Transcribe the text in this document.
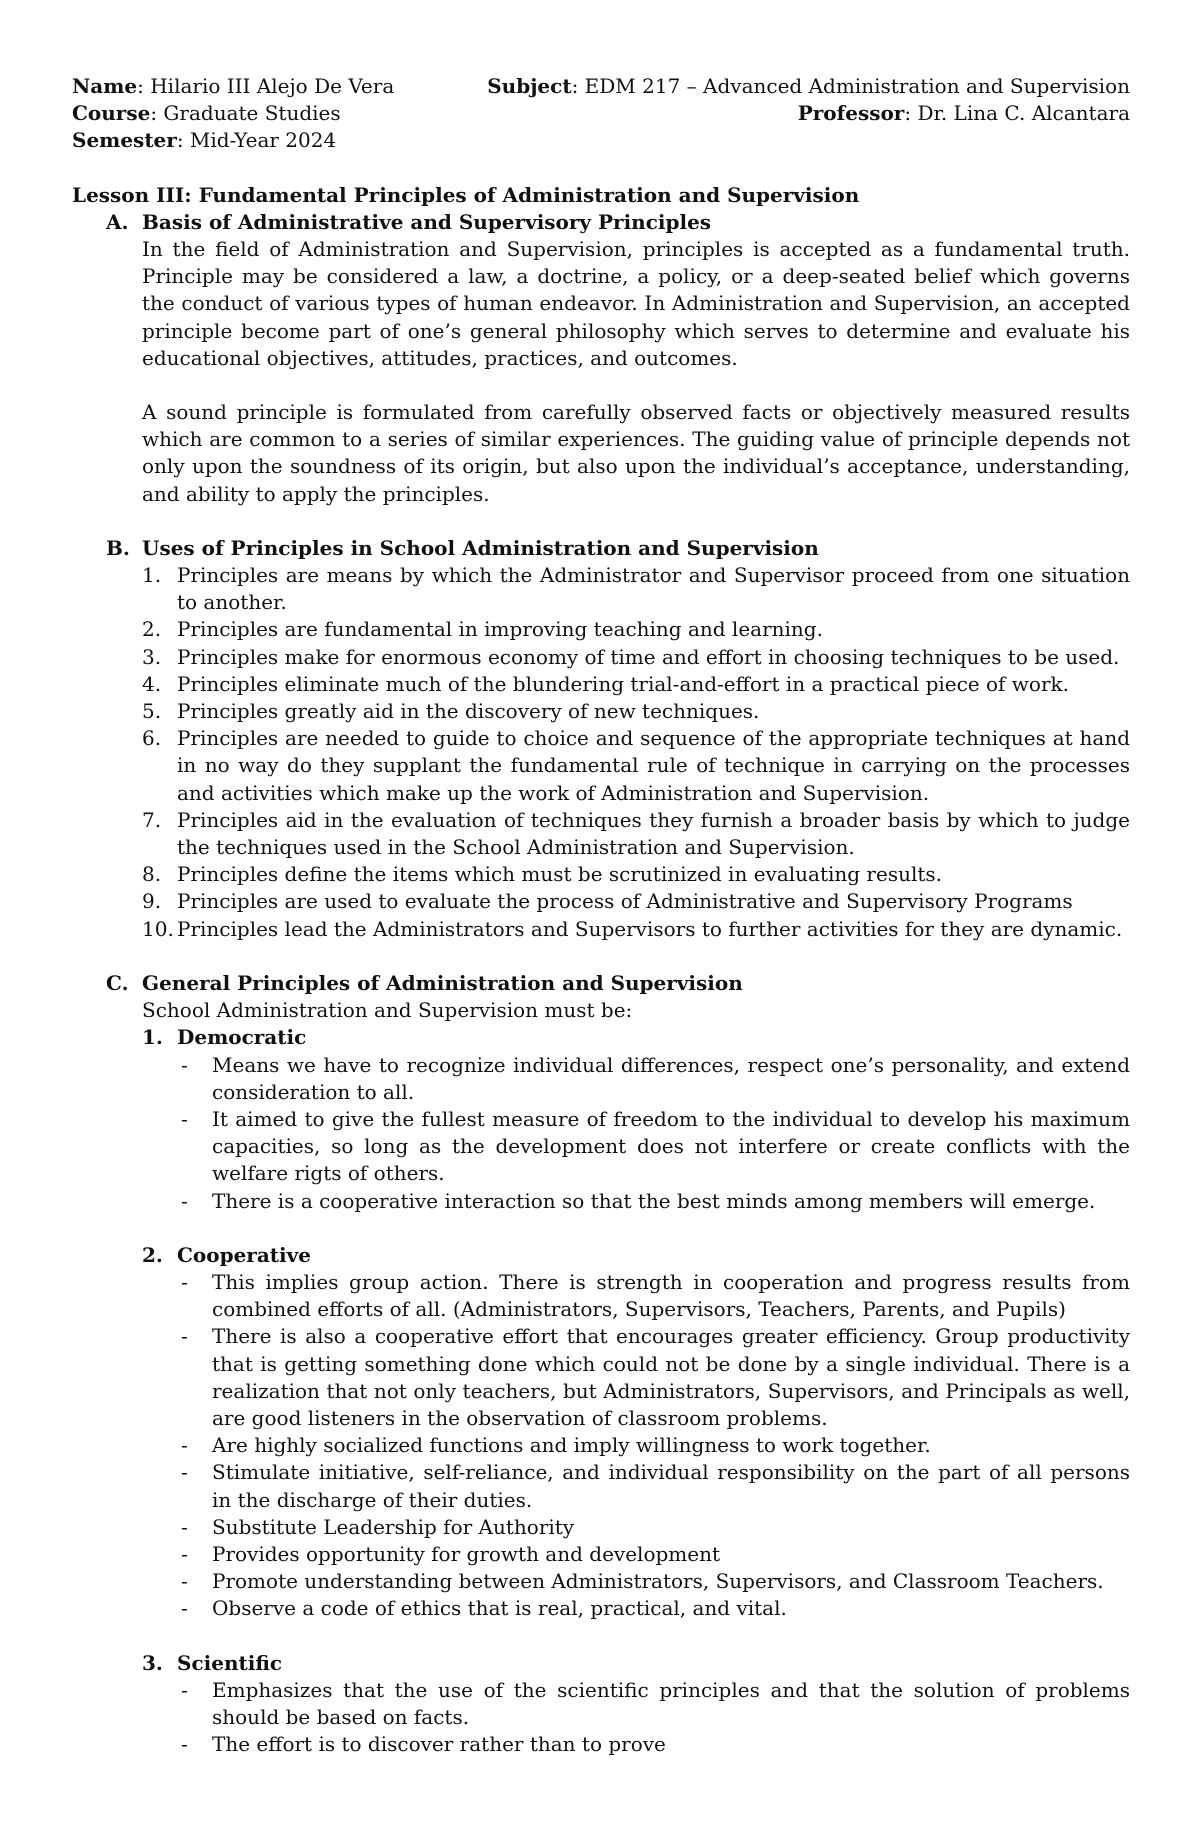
Name: Hilario III Alejo De Vera
Course: Graduate Studies
Semester: Mid-Year 2024
Subject: EDM 217 – Advanced Administration and Supervision
Professor: Dr. Lina C. Alcantara
Lesson III: Fundamental Principles of Administration and Supervision
A. Basis of Administrative and Supervisory Principles

In the field of Administration and Supervision, principles is accepted as a fundamental truth. Principle may be considered a law, a doctrine, a policy, or a deep-seated belief which governs the conduct of various types of human endeavor. In Administration and Supervision, an accepted principle become part of one’s general philosophy which serves to determine and evaluate his educational objectives, attitudes, practices, and outcomes.

A sound principle is formulated from carefully observed facts or objectively measured results which are common to a series of similar experiences. The guiding value of principle depends not only upon the soundness of its origin, but also upon the individual’s acceptance, understanding, and ability to apply the principles.

B. Uses of Principles in School Administration and Supervision
1. Principles are means by which the Administrator and Supervisor proceed from one situation to another.
2. Principles are fundamental in improving teaching and learning.
3. Principles make for enormous economy of time and effort in choosing techniques to be used.
4. Principles eliminate much of the blundering trial-and-effort in a practical piece of work.
5. Principles greatly aid in the discovery of new techniques.
6. Principles are needed to guide to choice and sequence of the appropriate techniques at hand in no way do they supplant the fundamental rule of technique in carrying on the processes and activities which make up the work of Administration and Supervision.
7. Principles aid in the evaluation of techniques they furnish a broader basis by which to judge the techniques used in the School Administration and Supervision.
8. Principles define the items which must be scrutinized in evaluating results.
9. Principles are used to evaluate the process of Administrative and Supervisory Programs
10. Principles lead the Administrators and Supervisors to further activities for they are dynamic.
C. General Principles of Administration and Supervision
School Administration and Supervision must be:
1. Democratic
-	Means we have to recognize individual differences, respect one’s personality, and extend consideration to all.
-	It aimed to give the fullest measure of freedom to the individual to develop his maximum capacities, so long as the development does not interfere or create conflicts with the welfare rigts of others.
-	There is a cooperative interaction so that the best minds among members will emerge.
2. Cooperative
-	This implies group action. There is strength in cooperation and progress results from combined efforts of all. (Administrators, Supervisors, Teachers, Parents, and Pupils)
-	There is also a cooperative effort that encourages greater efficiency. Group productivity that is getting something done which could not be done by a single individual. There is a realization that not only teachers, but Administrators, Supervisors, and Principals as well, are good listeners in the observation of classroom problems.
-	Are highly socialized functions and imply willingness to work together.
-	Stimulate initiative, self-reliance, and individual responsibility on the part of all persons in the discharge of their duties.
-	Substitute Leadership for Authority
-	Provides opportunity for growth and development
-	Promote understanding between Administrators, Supervisors, and Classroom Teachers.
-	Observe a code of ethics that is real, practical, and vital.
3. Scientific
-	Emphasizes that the use of the scientific principles and that the solution of problems should be based on facts.
-	The effort is to discover rather than to prove
